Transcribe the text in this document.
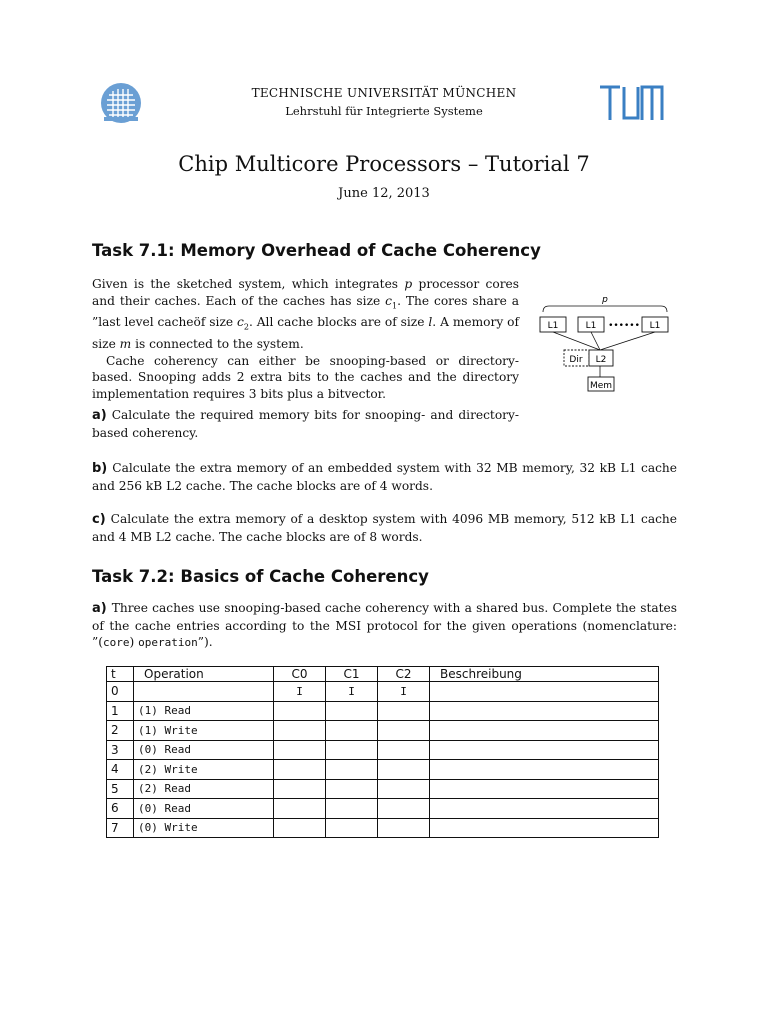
TECHNISCHE UNIVERSITÄT MÜNCHEN
Lehrstuhl für Integrierte Systeme
Chip Multicore Processors – Tutorial 7
June 12, 2013
Task 7.1: Memory Overhead of Cache Coherency
Given is the sketched system, which integrates p processor cores and their caches. Each of the caches has size $c_1$. The cores share a ”last level cacheöf size $c_2$. All cache blocks are of size l. A memory of size m is connected to the system.
Cache coherency can either be snooping-based or directory-based. Snooping adds 2 extra bits to the caches and the directory implementation requires 3 bits plus a bitvector.
p
L1	L1 •••••• L1
Dir L2
Mem
a) Calculate the required memory bits for snooping- and directory-based coherency.
b) Calculate the extra memory of an embedded system with 32 MB memory, 32 kB L1 cache and 256 kB L2 cache. The cache blocks are of 4 words.
c) Calculate the extra memory of a desktop system with 4096 MB memory, 512 kB L1 cache and 4 MB L2 cache. The cache blocks are of 8 words.
Task 7.2: Basics of Cache Coherency
a) Three caches use snooping-based cache coherency with a shared bus. Complete the states of the cache entries according to the MSI protocol for the given operations (nomenclature: ”(core) operation”).
t	Operation	C0	C1	C2	Beschreibung
0		I	I	I	
1	(1) Read				
2	(1) Write				
3	(0) Read				
4	(2) Write				
5	(2) Read				
6	(0) Read				
7	(0) Write				
